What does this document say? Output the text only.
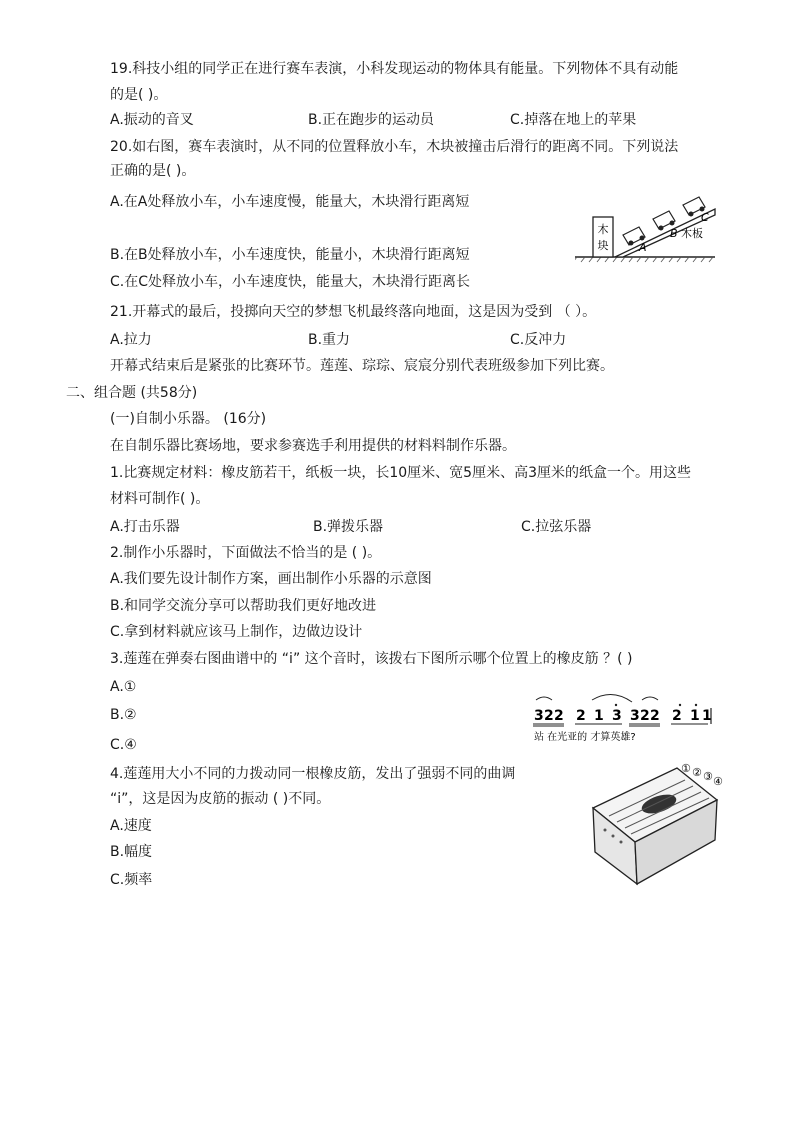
19.科技小组的同学正在进行赛车表演，小科发现运动的物体具有能量。下列物体不具有动能
的是( )。
A.振动的音叉	B.正在跑步的运动员	C.掉落在地上的苹果
20.如右图，赛车表演时，从不同的位置释放小车，木块被撞击后滑行的距离不同。下列说法
正确的是( )。
A.在A处释放小车，小车速度慢，能量大，木块滑行距离短
B.在B处释放小车，小车速度快，能量小，木块滑行距离短
C.在C处释放小车，小车速度快，能量大，木块滑行距离长
木
块	A
B
C
木板
21.开幕式的最后，投掷向天空的梦想飞机最终落向地面，这是因为受到 （ ）。
A.拉力	B.重力	C.反冲力
开幕式结束后是紧张的比赛环节。莲莲、琮琮、宸宸分别代表班级参加下列比赛。
二、组合题 (共58分)
(一)自制小乐器。 (16分)
在自制乐器比赛场地，要求参赛选手利用提供的材料料制作乐器。
1.比赛规定材料：橡皮筋若干，纸板一块，长10厘米、宽5厘米、高3厘米的纸盒一个。用这些
材料可制作( )。
A.打击乐器	B.弹拨乐器	C.拉弦乐器
2.制作小乐器时，下面做法不恰当的是 ( )。
A.我们要先设计制作方案，画出制作小乐器的示意图
B.和同学交流分享可以帮助我们更好地改进
C.拿到材料就应该马上制作，边做边设计
3.莲莲在弹奏右图曲谱中的 “i” 这个音时，该拨右下图所示哪个位置上的橡皮筋 ？( )
A.①
B.②
C.④
3 2 2 2 1 3 3 2 2 2 1 1
站 在光亚的 才算英雄?
4.莲莲用大小不同的力拨动同一根橡皮筋，发出了强弱不同的曲调
“i”，这是因为皮筋的振动 ( )不同。
A.速度
B.幅度
C.频率
① ② ③ ④
